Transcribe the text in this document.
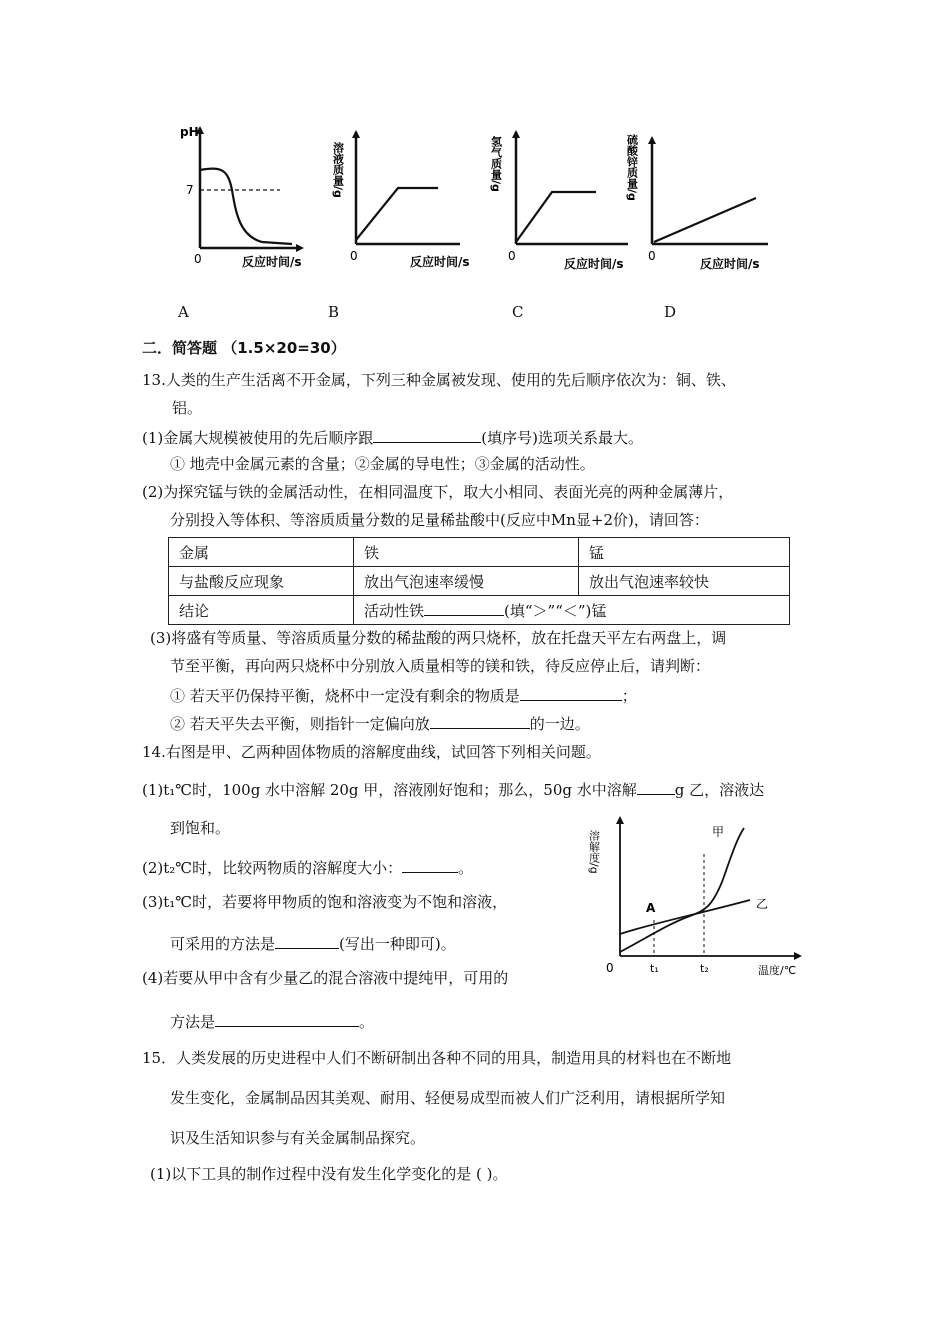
pH
7
0	反应时间/s
溶液质量/g
0	反应时间/s
氢气质量/g
0
反应时间/s
硫酸锌质量/g
0
反应时间/s
A	B	C	D
二．简答题 （1.5×20=30）
13.人类的生产生活离不开金属，下列三种金属被发现、使用的先后顺序依次为：铜、铁、
铝。
(1)金属大规模被使用的先后顺序跟	(填序号)选项关系最大。
① 地壳中金属元素的含量；②金属的导电性；③金属的活动性。
(2)为探究锰与铁的金属活动性，在相同温度下，取大小相同、表面光亮的两种金属薄片，
分别投入等体积、等溶质质量分数的足量稀盐酸中(反应中Mn显+2价)，请回答：
金属	铁	锰
与盐酸反应现象	放出气泡速率缓慢	放出气泡速率较快
结论	活动性铁 (填“＞”“＜”)锰	
(3)将盛有等质量、等溶质质量分数的稀盐酸的两只烧杯，放在托盘天平左右两盘上，调
节至平衡，再向两只烧杯中分别放入质量相等的镁和铁，待反应停止后，请判断：
① 若天平仍保持平衡，烧杯中一定没有剩余的物质是	；
② 若天平失去平衡，则指针一定偏向放	的一边。
14.右图是甲、乙两种固体物质的溶解度曲线，试回答下列相关问题。
(1)t₁℃时，100g 水中溶解 20g 甲，溶液刚好饱和；那么，50g 水中溶解	g 乙，溶液达
到饱和。
(2)t₂℃时，比较两物质的溶解度大小：	。
(3)t₁℃时，若要将甲物质的饱和溶液变为不饱和溶液，
可采用的方法是	(写出一种即可)。
(4)若要从甲中含有少量乙的混合溶液中提纯甲，可用的
方法是	。
溶解度/g	甲
乙
A
0	t₁	t₂	温度/℃
15．人类发展的历史进程中人们不断研制出各种不同的用具，制造用具的材料也在不断地
发生变化，金属制品因其美观、耐用、轻便易成型而被人们广泛利用，请根据所学知
识及生活知识参与有关金属制品探究。
(1)以下工具的制作过程中没有发生化学变化的是 ( )。
